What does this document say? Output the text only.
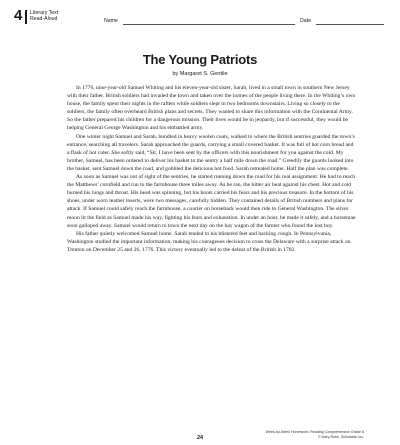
4 Literary Text
Read-Aloud	Name	Date
The Young Patriots
by Margaret S. Gentile

In 1776, nine-year-old Samuel Whiting and his eleven-year-old sister, Sarah, lived in a small town in southern New Jersey with their father. British soldiers had invaded the town and taken over the homes of the people living there. In the Whiting’s own house, the family spent their nights in the rafters while soldiers slept in two bedrooms downstairs. Living so closely to the soldiers, the family often overheard British plans and secrets. They wanted to share this information with the Continental Army. So the father prepared his children for a dangerous mission. Their lives would be in jeopardy, but if successful, they would be helping General George Washington and his embattled army.

One winter night Samuel and Sarah, bundled in heavy woolen coats, walked to where the British sentries guarded the town’s entrance, searching all travelers. Sarah approached the guards, carrying a small covered basket. It was full of hot corn bread and a flask of hot cider. She softly said, “Sir, I have been sent by the officers with this nourishment for you against the cold. My brother, Samuel, has been ordered to deliver his basket to the sentry a half mile down the road.” Greedily the guards looked into the basket, sent Samuel down the road, and gobbled the delicious hot food. Sarah retreated home. Half the plan was complete.

As soon as Samuel was out of sight of the sentries, he started running down the road for his real assignment. He had to reach the Matthews’ cornfield and run to the farmhouse three miles away. As he ran, the bitter air beat against his chest. Hot and cold burned his lungs and throat. His head was spinning, but his boots carried his fears and his precious treasure. In the bottom of his shoes, under worn leather inserts, were two messages, carefully hidden. They contained details of British numbers and plans for attack. If Samuel could safely reach the farmhouse, a courier on horseback would then ride to General Washington. The silver moon lit the field as Samuel made his way, fighting his fears and exhaustion. In under an hour, he made it safely, and a horseman soon galloped away. Samuel would return to town the next day on the hay wagon of the farmer who found the lost boy.

His father quietly welcomed Samuel home. Sarah tended to his blistered feet and hacking cough. In Pennsylvania, Washington studied the important information, making his courageous decision to cross the Delaware with a surprise attack on Trenton on December 25 and 26, 1776. This victory eventually led to the defeat of the British in 1782.

24
Week-by-Week Homework: Reading Comprehension Grade 6
© Mary Rose, Scholastic Inc.
